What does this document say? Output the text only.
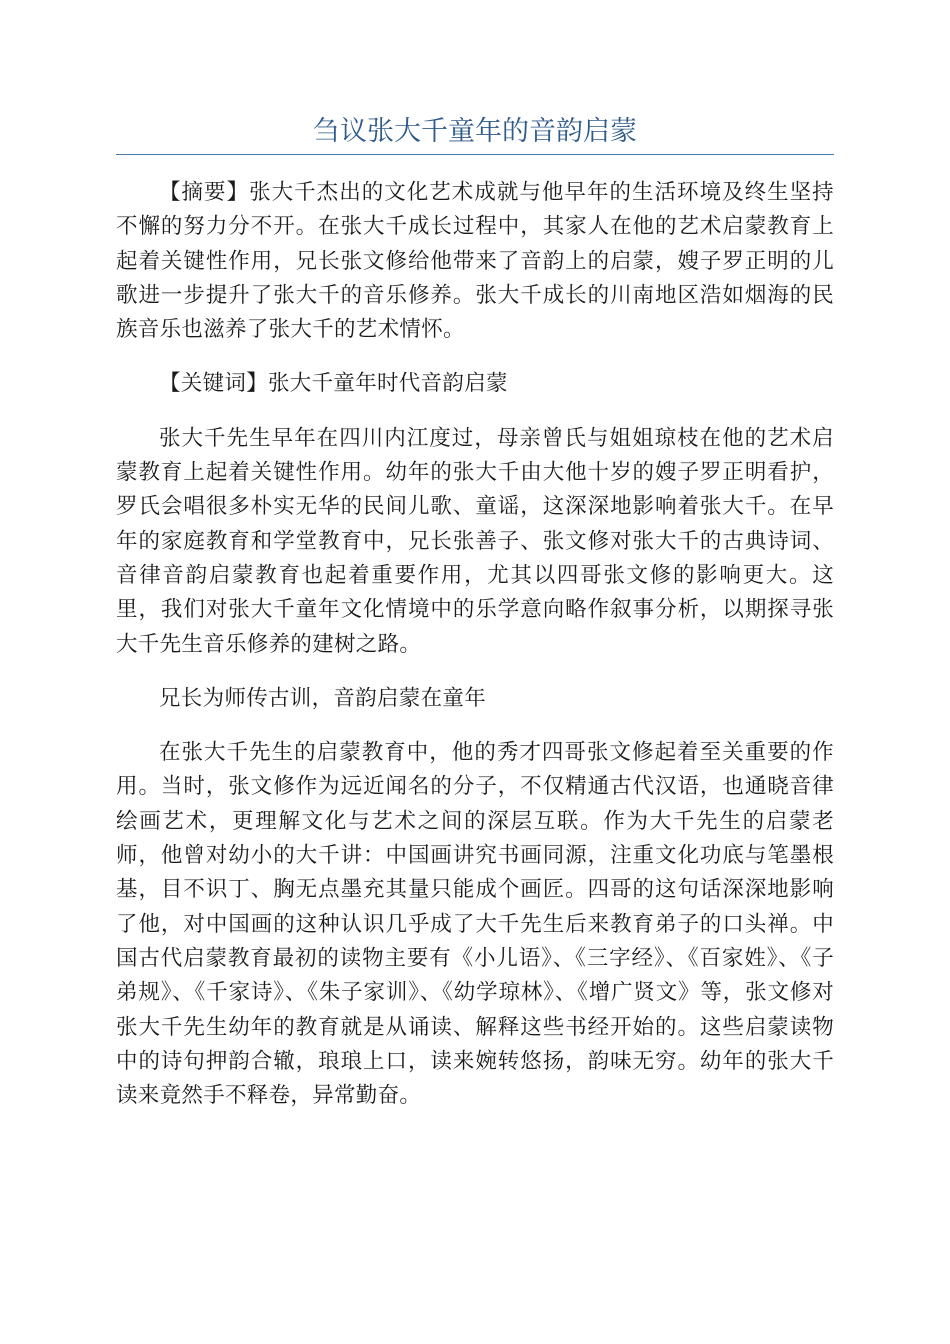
刍议张大千童年的音韵启蒙

【摘要】张大千杰出的文化艺术成就与他早年的生活环境及终生坚持不懈的努力分不开。在张大千成长过程中，其家人在他的艺术启蒙教育上起着关键性作用，兄长张文修给他带来了音韵上的启蒙，嫂子罗正明的儿歌进一步提升了张大千的音乐修养。张大千成长的川南地区浩如烟海的民族音乐也滋养了张大千的艺术情怀。

【关键词】张大千童年时代音韵启蒙

张大千先生早年在四川内江度过，母亲曾氏与姐姐琼枝在他的艺术启蒙教育上起着关键性作用。幼年的张大千由大他十岁的嫂子罗正明看护，罗氏会唱很多朴实无华的民间儿歌、童谣，这深深地影响着张大千。在早年的家庭教育和学堂教育中，兄长张善子、张文修对张大千的古典诗词、音律音韵启蒙教育也起着重要作用，尤其以四哥张文修的影响更大。这里，我们对张大千童年文化情境中的乐学意向略作叙事分析，以期探寻张大千先生音乐修养的建树之路。

兄长为师传古训，音韵启蒙在童年

在张大千先生的启蒙教育中，他的秀才四哥张文修起着至关重要的作用。当时，张文修作为远近闻名的分子，不仅精通古代汉语，也通晓音律绘画艺术，更理解文化与艺术之间的深层互联。作为大千先生的启蒙老师，他曾对幼小的大千讲：中国画讲究书画同源，注重文化功底与笔墨根基，目不识丁、胸无点墨充其量只能成个画匠。四哥的这句话深深地影响了他，对中国画的这种认识几乎成了大千先生后来教育弟子的口头禅。中国古代启蒙教育最初的读物主要有《小儿语》、《三字经》、《百家姓》、《子弟规》、《千家诗》、《朱子家训》、《幼学琼林》、《增广贤文》等，张文修对张大千先生幼年的教育就是从诵读、解释这些书经开始的。这些启蒙读物中的诗句押韵合辙，琅琅上口，读来婉转悠扬，韵味无穷。幼年的张大千读来竟然手不释卷，异常勤奋。
